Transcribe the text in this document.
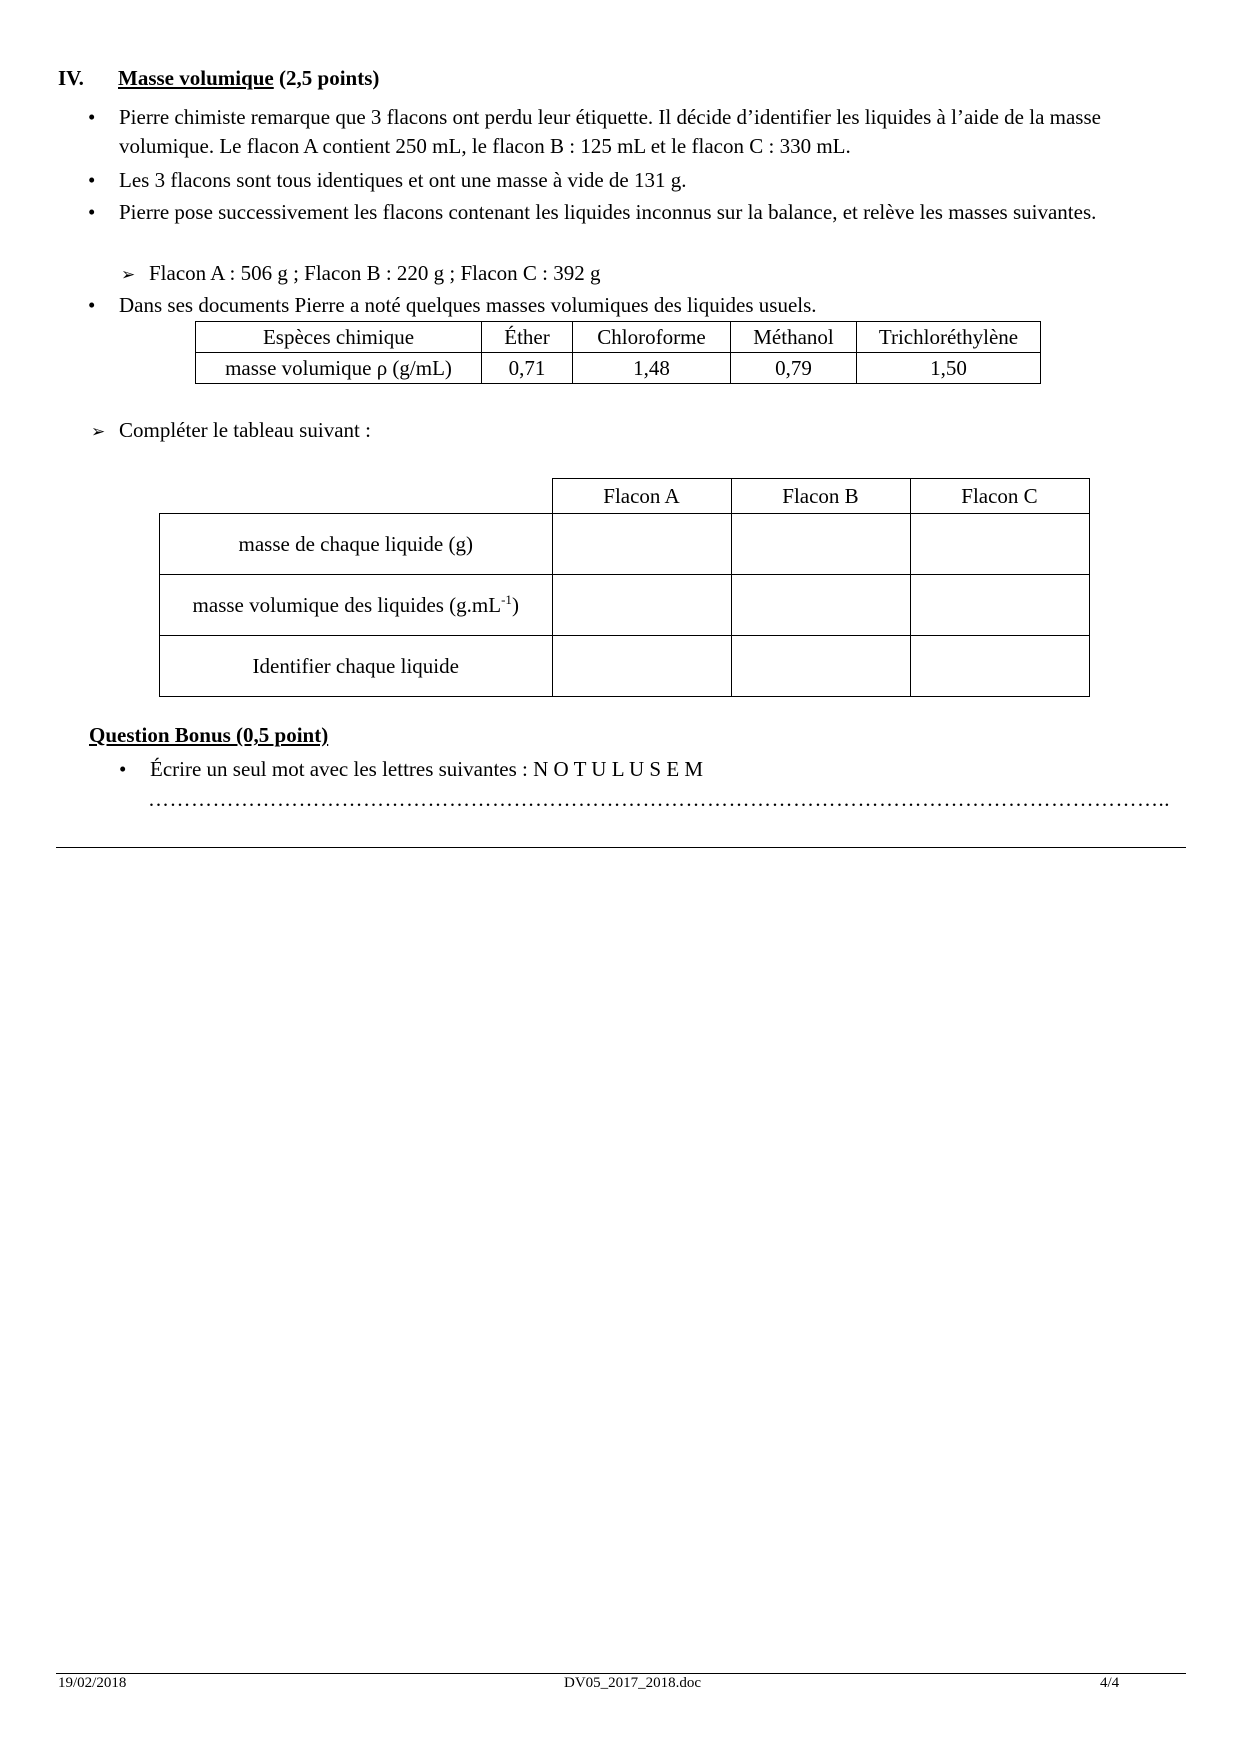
IV. Masse volumique (2,5 points)
• Pierre chimiste remarque que 3 flacons ont perdu leur étiquette. Il décide d’identifier les liquides à l’aide de la masse volumique. Le flacon A contient 250 mL, le flacon B : 125 mL et le flacon C : 330 mL.
• Les 3 flacons sont tous identiques et ont une masse à vide de 131 g.
• Pierre pose successivement les flacons contenant les liquides inconnus sur la balance, et relève les masses suivantes.
➢ Flacon A : 506 g ; Flacon B : 220 g ; Flacon C : 392 g
• Dans ses documents Pierre a noté quelques masses volumiques des liquides usuels.
Espèces chimique	Éther	Chloroforme	Méthanol	Trichloréthylène
masse volumique ρ (g/mL)	0,71	1,48	0,79	1,50
➢ Compléter le tableau suivant :
	Flacon A	Flacon B	Flacon C
masse de chaque liquide (g)			
masse volumique des liquides $(g.mL^{-1})$			
Identifier chaque liquide			
Question Bonus (0,5 point)
• Écrire un seul mot avec les lettres suivantes : N O T U L U S E M
……………………………………………………………………………………………………………………………..
19/02/2018	DV05_2017_2018.doc	4/4
